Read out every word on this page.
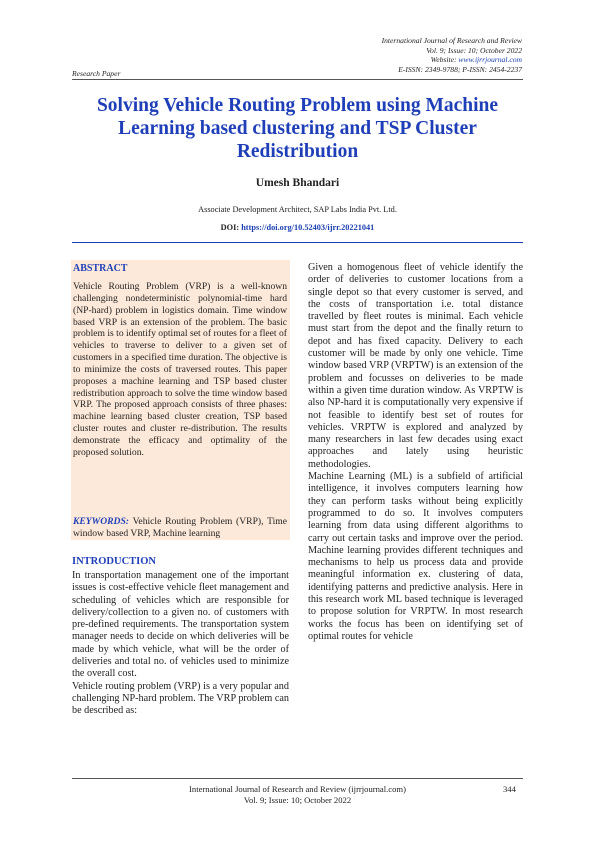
International Journal of Research and Review
Vol. 9; Issue: 10; October 2022
Website: www.ijrrjournal.com
E-ISSN: 2349-9788; P-ISSN: 2454-2237
Research Paper
Solving Vehicle Routing Problem using Machine Learning based clustering and TSP Cluster Redistribution
Umesh Bhandari
Associate Development Architect, SAP Labs India Pvt. Ltd.
DOI: https://doi.org/10.52403/ijrr.20221041
ABSTRACT
Vehicle Routing Problem (VRP) is a well-known challenging nondeterministic polynomial-time hard (NP-hard) problem in logistics domain. Time window based VRP is an extension of the problem. The basic problem is to identify optimal set of routes for a fleet of vehicles to traverse to deliver to a given set of customers in a specified time duration. The objective is to minimize the costs of traversed routes. This paper proposes a machine learning and TSP based cluster redistribution approach to solve the time window based VRP. The proposed approach consists of three phases: machine learning based cluster creation, TSP based cluster routes and cluster re-distribution. The results demonstrate the efficacy and optimality of the proposed solution.
KEYWORDS: Vehicle Routing Problem (VRP), Time window based VRP, Machine learning
INTRODUCTION

In transportation management one of the important issues is cost-effective vehicle fleet management and scheduling of vehicles which are responsible for delivery/collection to a given no. of customers with pre-defined requirements. The transportation system manager needs to decide on which deliveries will be made by which vehicle, what will be the order of deliveries and total no. of vehicles used to minimize the overall cost.

Vehicle routing problem (VRP) is a very popular and challenging NP-hard problem. The VRP problem can be described as:

Given a homogenous fleet of vehicle identify the order of deliveries to customer locations from a single depot so that every customer is served, and the costs of transportation i.e. total distance travelled by fleet routes is minimal. Each vehicle must start from the depot and the finally return to depot and has fixed capacity. Delivery to each customer will be made by only one vehicle. Time window based VRP (VRPTW) is an extension of the problem and focusses on deliveries to be made within a given time duration window. As VRPTW is also NP-hard it is computationally very expensive if not feasible to identify best set of routes for vehicles. VRPTW is explored and analyzed by many researchers in last few decades using exact approaches and lately using heuristic methodologies.

Machine Learning (ML) is a subfield of artificial intelligence, it involves computers learning how they can perform tasks without being explicitly programmed to do so. It involves computers learning from data using different algorithms to carry out certain tasks and improve over the period. Machine learning provides different techniques and mechanisms to help us process data and provide meaningful information ex. clustering of data, identifying patterns and predictive analysis. Here in this research work ML based technique is leveraged to propose solution for VRPTW. In most research works the focus has been on identifying set of optimal routes for vehicle

International Journal of Research and Review (ijrrjournal.com)
Vol. 9; Issue: 10; October 2022
344
